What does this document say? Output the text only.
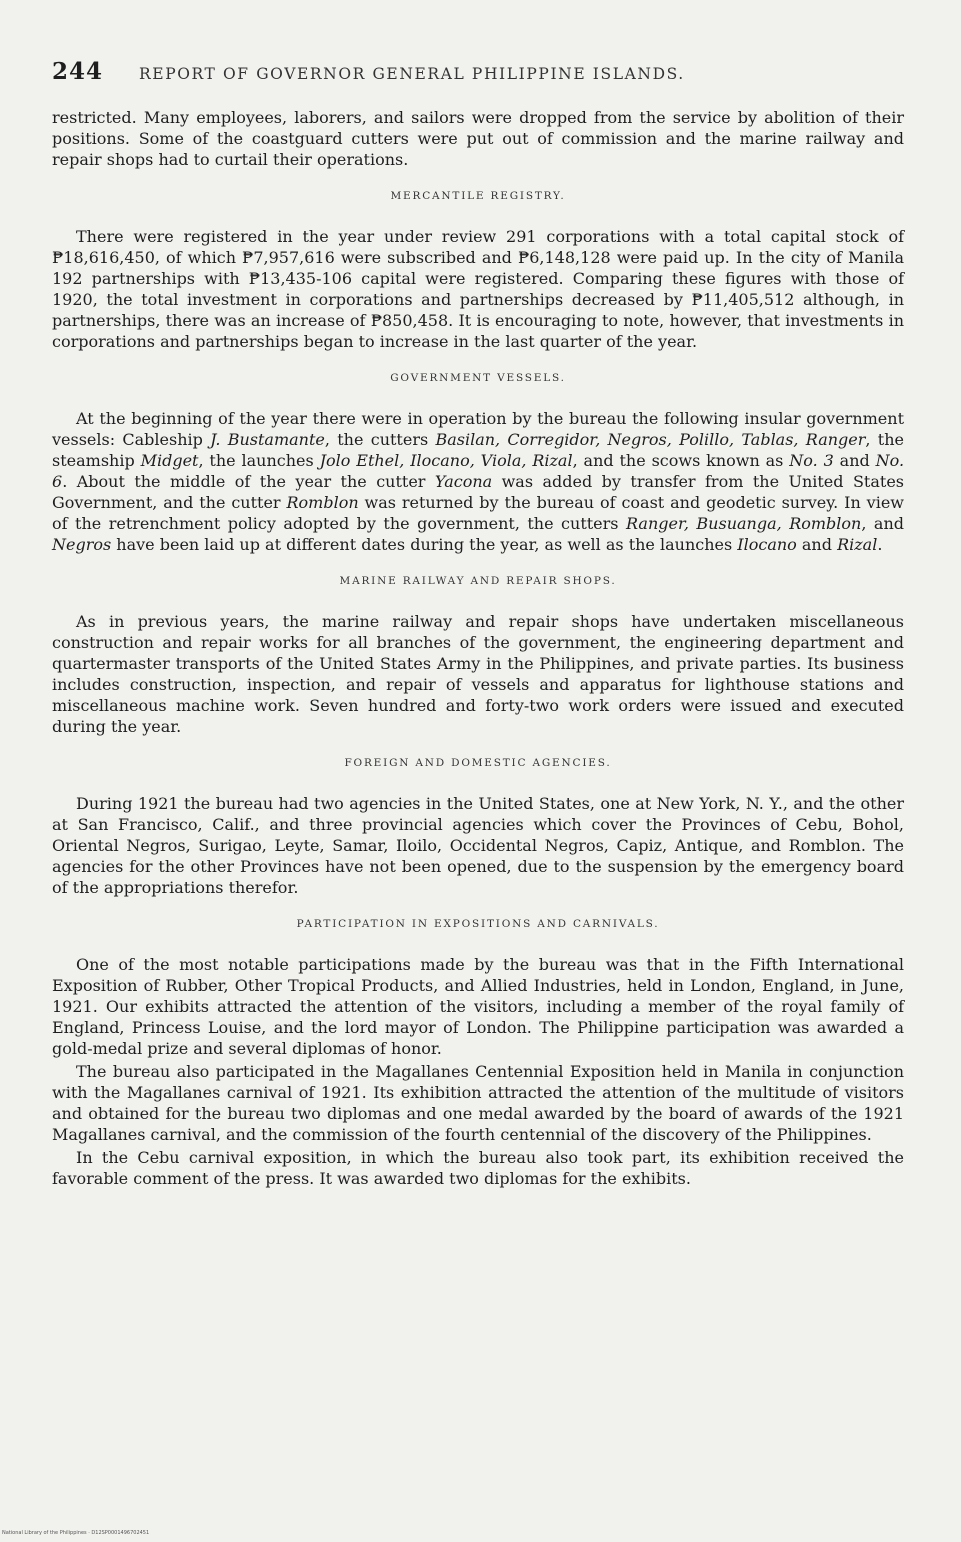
244 REPORT OF GOVERNOR GENERAL PHILIPPINE ISLANDS.

restricted. Many employees, laborers, and sailors were dropped from the service by abolition of their positions. Some of the coastguard cutters were put out of commission and the marine railway and repair shops had to curtail their operations.

MERCANTILE REGISTRY.

There were registered in the year under review 291 corporations with a total capital stock of ₱18,616,450, of which ₱7,957,616 were subscribed and ₱6,148,128 were paid up. In the city of Manila 192 partnerships with ₱13,435-106 capital were registered. Comparing these figures with those of 1920, the total investment in corporations and partnerships decreased by ₱11,405,512 although, in partnerships, there was an increase of ₱850,458. It is encouraging to note, however, that investments in corporations and partnerships began to increase in the last quarter of the year.

GOVERNMENT VESSELS.

At the beginning of the year there were in operation by the bureau the following insular government vessels: Cableship J. Bustamante, the cutters Basilan, Corregidor, Negros, Polillo, Tablas, Ranger, the steamship Midget, the launches Jolo Ethel, Ilocano, Viola, Rizal, and the scows known as No. 3 and No. 6. About the middle of the year the cutter Yacona was added by transfer from the United States Government, and the cutter Romblon was returned by the bureau of coast and geodetic survey. In view of the retrenchment policy adopted by the government, the cutters Ranger, Busuanga, Romblon, and Negros have been laid up at different dates during the year, as well as the launches Ilocano and Rizal.

MARINE RAILWAY AND REPAIR SHOPS.

As in previous years, the marine railway and repair shops have undertaken miscellaneous construction and repair works for all branches of the government, the engineering department and quartermaster transports of the United States Army in the Philippines, and private parties. Its business includes construction, inspection, and repair of vessels and apparatus for lighthouse stations and miscellaneous machine work. Seven hundred and forty-two work orders were issued and executed during the year.

FOREIGN AND DOMESTIC AGENCIES.

During 1921 the bureau had two agencies in the United States, one at New York, N. Y., and the other at San Francisco, Calif., and three provincial agencies which cover the Provinces of Cebu, Bohol, Oriental Negros, Surigao, Leyte, Samar, Iloilo, Occidental Negros, Capiz, Antique, and Romblon. The agencies for the other Provinces have not been opened, due to the suspension by the emergency board of the appropriations therefor.

PARTICIPATION IN EXPOSITIONS AND CARNIVALS.

One of the most notable participations made by the bureau was that in the Fifth International Exposition of Rubber, Other Tropical Products, and Allied Industries, held in London, England, in June, 1921. Our exhibits attracted the attention of the visitors, including a member of the royal family of England, Princess Louise, and the lord mayor of London. The Philippine participation was awarded a gold-medal prize and several diplomas of honor.

The bureau also participated in the Magallanes Centennial Exposition held in Manila in conjunction with the Magallanes carnival of 1921. Its exhibition attracted the attention of the multitude of visitors and obtained for the bureau two diplomas and one medal awarded by the board of awards of the 1921 Magallanes carnival, and the commission of the fourth centennial of the discovery of the Philippines.

In the Cebu carnival exposition, in which the bureau also took part, its exhibition received the favorable comment of the press. It was awarded two diplomas for the exhibits.

National Library of the Philippines · D12SP0001496702451
